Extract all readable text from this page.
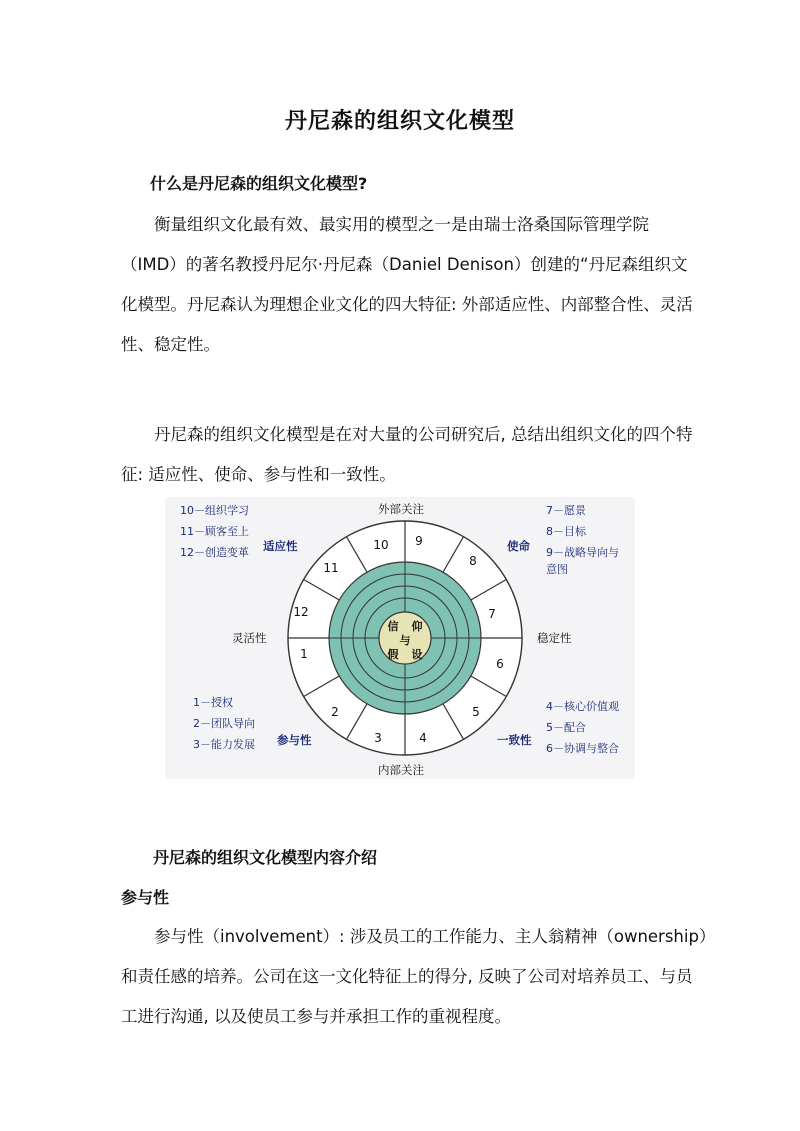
丹尼森的组织文化模型
什么是丹尼森的组织文化模型?
衡量组织文化最有效、最实用的模型之一是由瑞士洛桑国际管理学院
（IMD）的著名教授丹尼尔·丹尼森（Daniel Denison）创建的“丹尼森组织文
化模型。丹尼森认为理想企业文化的四大特征: 外部适应性、内部整合性、灵活
性、稳定性。
丹尼森的组织文化模型是在对大量的公司研究后, 总结出组织文化的四个特
征: 适应性、使命、参与性和一致性。
信 仰
与
假 设
1
2
3	4
5
6
7
8
9
10
11
12
外部关注
内部关注
灵活性	稳定性
适应性	使命
参与性	一致性
10－组织学习
11－顾客至上
12－创造变革
7－愿景
8－目标
9－战略导向与
意图
1－授权
2－团队导向
3－能力发展
4－核心价值观
5－配合
6－协调与整合
丹尼森的组织文化模型内容介绍
参与性
参与性（involvement）: 涉及员工的工作能力、主人翁精神（ownership）
和责任感的培养。公司在这一文化特征上的得分, 反映了公司对培养员工、与员
工进行沟通, 以及使员工参与并承担工作的重视程度。
